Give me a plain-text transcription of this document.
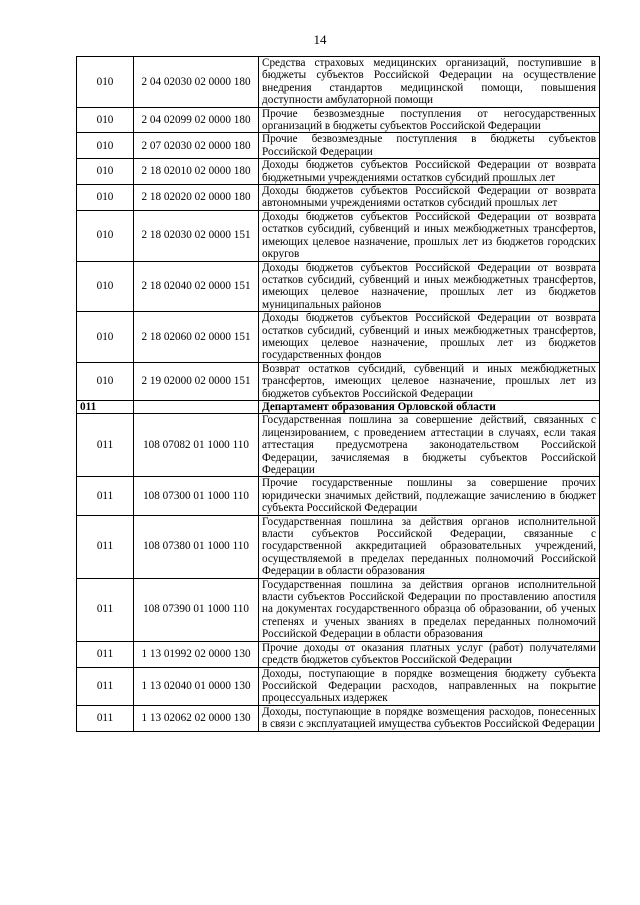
14
010	2 04 02030 02 0000 180	Средства страховых медицинских организаций, поступившие в бюджеты субъектов Российской Федерации на осуществление внедрения стандартов медицинской помощи, повышения доступности амбулаторной помощи
010	2 04 02099 02 0000 180	Прочие безвозмездные поступления от негосударственных организаций в бюджеты субъектов Российской Федерации
010	2 07 02030 02 0000 180	Прочие безвозмездные поступления в бюджеты субъектов Российской Федерации
010	2 18 02010 02 0000 180	Доходы бюджетов субъектов Российской Федерации от возврата бюджетными учреждениями остатков субсидий прошлых лет
010	2 18 02020 02 0000 180	Доходы бюджетов субъектов Российской Федерации от возврата автономными учреждениями остатков субсидий прошлых лет
010	2 18 02030 02 0000 151	Доходы бюджетов субъектов Российской Федерации от возврата остатков субсидий, субвенций и иных межбюджетных трансфертов, имеющих целевое назначение, прошлых лет из бюджетов городских округов
010	2 18 02040 02 0000 151	Доходы бюджетов субъектов Российской Федерации от возврата остатков субсидий, субвенций и иных межбюджетных трансфертов, имеющих целевое назначение, прошлых лет из бюджетов муниципальных районов
010	2 18 02060 02 0000 151	Доходы бюджетов субъектов Российской Федерации от возврата остатков субсидий, субвенций и иных межбюджетных трансфертов, имеющих целевое назначение, прошлых лет из бюджетов государственных фондов
010	2 19 02000 02 0000 151	Возврат остатков субсидий, субвенций и иных межбюджетных трансфертов, имеющих целевое назначение, прошлых лет из бюджетов субъектов Российской Федерации
011		Департамент образования Орловской области
011	108 07082 01 1000 110	Государственная пошлина за совершение действий, связанных с лицензированием, с проведением аттестации в случаях, если такая аттестация предусмотрена законодательством Российской Федерации, зачисляемая в бюджеты субъектов Российской Федерации
011	108 07300 01 1000 110	Прочие государственные пошлины за совершение прочих юридически значимых действий, подлежащие зачислению в бюджет субъекта Российской Федерации
011	108 07380 01 1000 110	Государственная пошлина за действия органов исполнительной власти субъектов Российской Федерации, связанные с государственной аккредитацией образовательных учреждений, осуществляемой в пределах переданных полномочий Российской Федерации в области образования
011	108 07390 01 1000 110	Государственная пошлина за действия органов исполнительной власти субъектов Российской Федерации по проставлению апостиля на документах государственного образца об образовании, об ученых степенях и ученых званиях в пределах переданных полномочий Российской Федерации в области образования
011	1 13 01992 02 0000 130	Прочие доходы от оказания платных услуг (работ) получателями средств бюджетов субъектов Российской Федерации
011	1 13 02040 01 0000 130	Доходы, поступающие в порядке возмещения бюджету субъекта Российской Федерации расходов, направленных на покрытие процессуальных издержек
011	1 13 02062 02 0000 130	Доходы, поступающие в порядке возмещения расходов, понесенных в связи с эксплуатацией имущества субъектов Российской Федерации
